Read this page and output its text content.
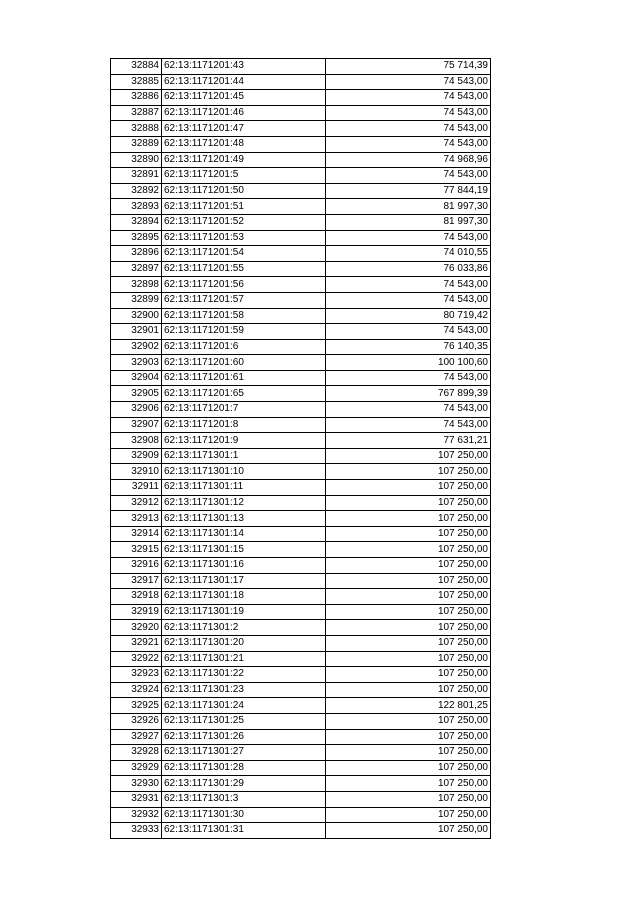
32884	62:13:1171201:43	75 714,39
32885	62:13:1171201:44	74 543,00
32886	62:13:1171201:45	74 543,00
32887	62:13:1171201:46	74 543,00
32888	62:13:1171201:47	74 543,00
32889	62:13:1171201:48	74 543,00
32890	62:13:1171201:49	74 968,96
32891	62:13:1171201:5	74 543,00
32892	62:13:1171201:50	77 844,19
32893	62:13:1171201:51	81 997,30
32894	62:13:1171201:52	81 997,30
32895	62:13:1171201:53	74 543,00
32896	62:13:1171201:54	74 010,55
32897	62:13:1171201:55	76 033,86
32898	62:13:1171201:56	74 543,00
32899	62:13:1171201:57	74 543,00
32900	62:13:1171201:58	80 719,42
32901	62:13:1171201:59	74 543,00
32902	62:13:1171201:6	76 140,35
32903	62:13:1171201:60	100 100,60
32904	62:13:1171201:61	74 543,00
32905	62:13:1171201:65	767 899,39
32906	62:13:1171201:7	74 543,00
32907	62:13:1171201:8	74 543,00
32908	62:13:1171201:9	77 631,21
32909	62:13:1171301:1	107 250,00
32910	62:13:1171301:10	107 250,00
32911	62:13:1171301:11	107 250,00
32912	62:13:1171301:12	107 250,00
32913	62:13:1171301:13	107 250,00
32914	62:13:1171301:14	107 250,00
32915	62:13:1171301:15	107 250,00
32916	62:13:1171301:16	107 250,00
32917	62:13:1171301:17	107 250,00
32918	62:13:1171301:18	107 250,00
32919	62:13:1171301:19	107 250,00
32920	62:13:1171301:2	107 250,00
32921	62:13:1171301:20	107 250,00
32922	62:13:1171301:21	107 250,00
32923	62:13:1171301:22	107 250,00
32924	62:13:1171301:23	107 250,00
32925	62:13:1171301:24	122 801,25
32926	62:13:1171301:25	107 250,00
32927	62:13:1171301:26	107 250,00
32928	62:13:1171301:27	107 250,00
32929	62:13:1171301:28	107 250,00
32930	62:13:1171301:29	107 250,00
32931	62:13:1171301:3	107 250,00
32932	62:13:1171301:30	107 250,00
32933	62:13:1171301:31	107 250,00
